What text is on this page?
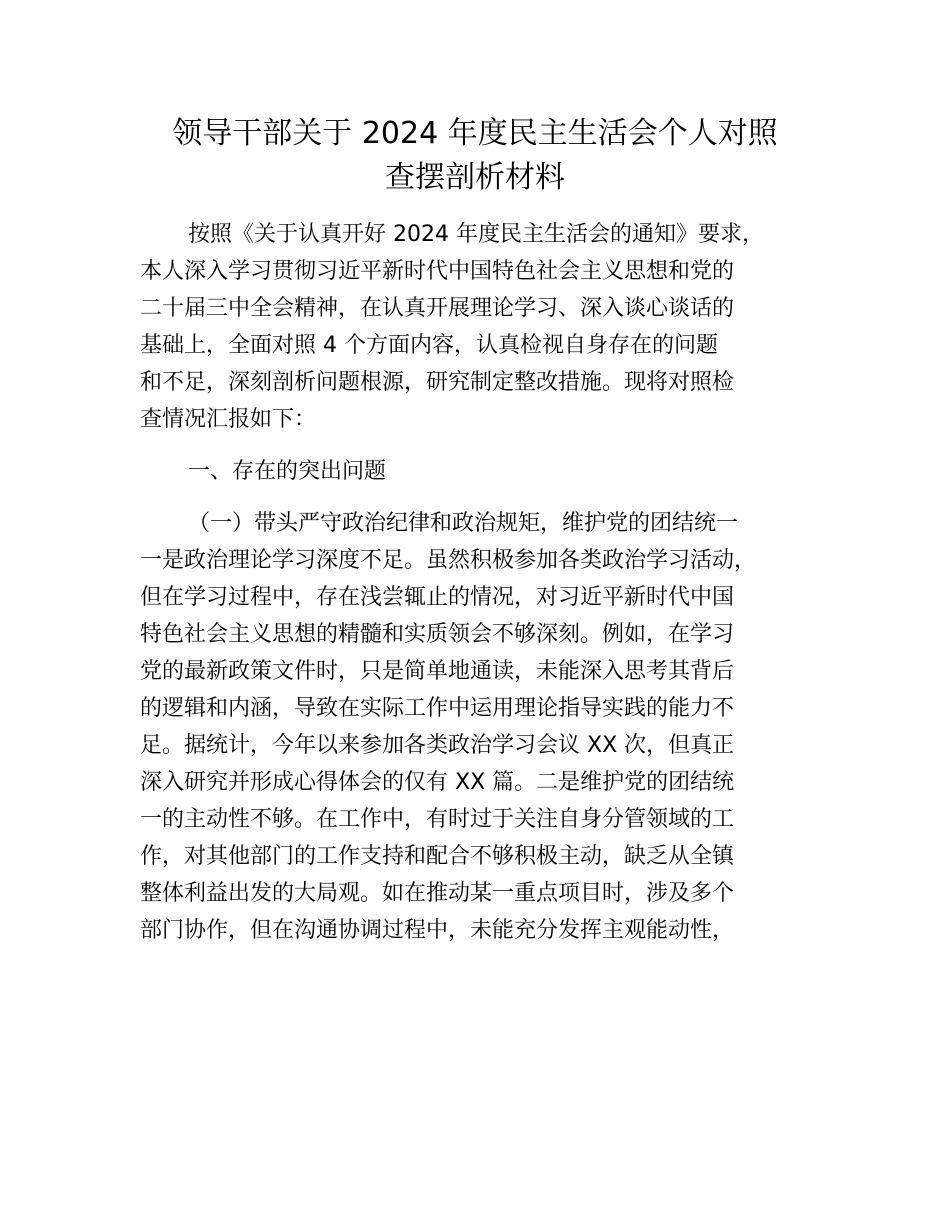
领导干部关于 2024 年度民主生活会个人对照
查摆剖析材料
按照《关于认真开好 2024 年度民主生活会的通知》要求，
本人深入学习贯彻习近平新时代中国特色社会主义思想和党的
二十届三中全会精神，在认真开展理论学习、深入谈心谈话的
基础上，全面对照 4 个方面内容，认真检视自身存在的问题
和不足，深刻剖析问题根源，研究制定整改措施。现将对照检
查情况汇报如下：
一、存在的突出问题
（一）带头严守政治纪律和政治规矩，维护党的团结统一
一是政治理论学习深度不足。虽然积极参加各类政治学习活动，
但在学习过程中，存在浅尝辄止的情况，对习近平新时代中国
特色社会主义思想的精髓和实质领会不够深刻。例如，在学习
党的最新政策文件时，只是简单地通读，未能深入思考其背后
的逻辑和内涵，导致在实际工作中运用理论指导实践的能力不
足。据统计，今年以来参加各类政治学习会议 XX 次，但真正
深入研究并形成心得体会的仅有 XX 篇。二是维护党的团结统
一的主动性不够。在工作中，有时过于关注自身分管领域的工
作，对其他部门的工作支持和配合不够积极主动，缺乏从全镇
整体利益出发的大局观。如在推动某一重点项目时，涉及多个
部门协作，但在沟通协调过程中，未能充分发挥主观能动性，
